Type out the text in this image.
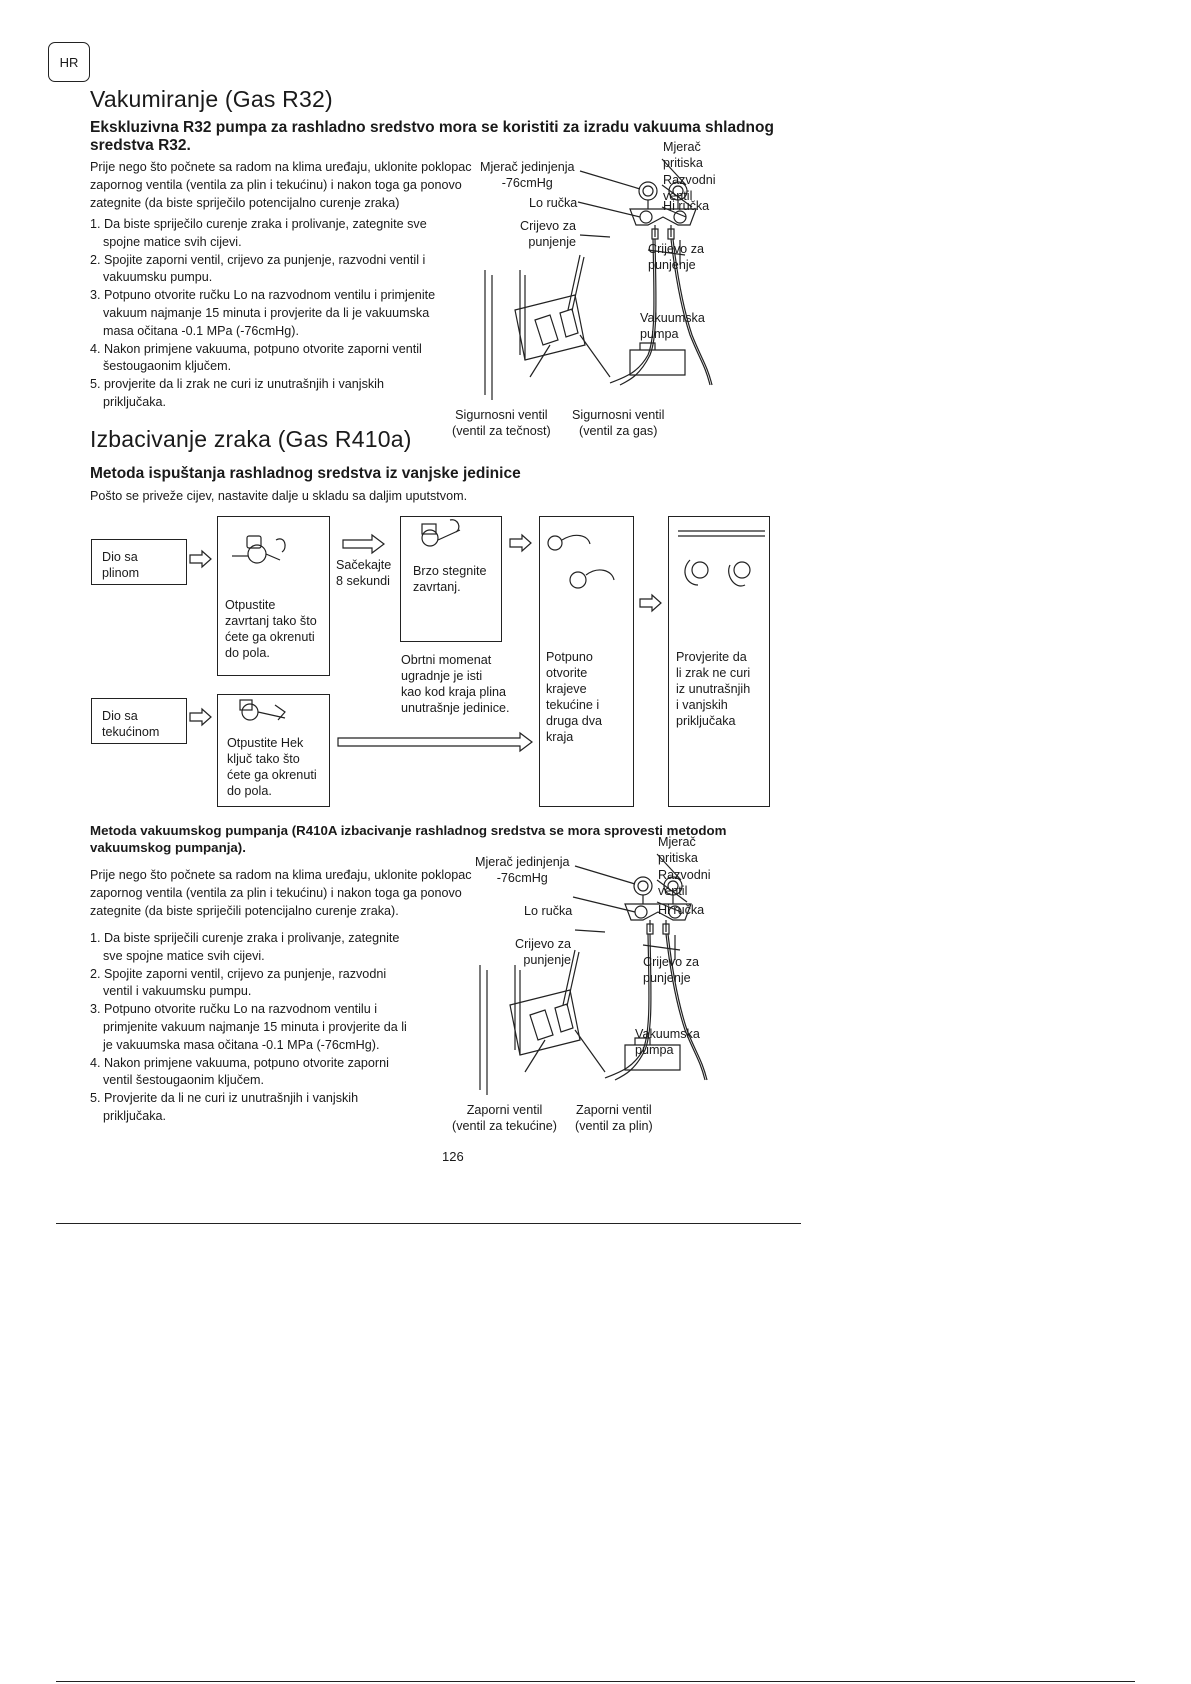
HR
Vakumiranje (Gas R32)
Ekskluzivna R32 pumpa za rashladno sredstvo mora se koristiti za izradu vakuuma shladnog sredstva R32.
Prije nego što počnete sa radom na klima uređaju, uklonite poklopac
zapornog ventila (ventila za plin i tekućinu) i nakon toga ga ponovo
zategnite (da biste spriječilo potencijalno curenje zraka)
1. Da biste spriječilo curenje zraka i prolivanje, zategnite sve
spojne matice svih cijevi.
2. Spojite zaporni ventil, crijevo za punjenje, razvodni ventil i
vakuumsku pumpu.
3. Potpuno otvorite ručku Lo na razvodnom ventilu i primjenite
vakuum najmanje 15 minuta i provjerite da li je vakuumska
masa očitana -0.1 MPa (-76cmHg).
4. Nakon primjene vakuuma, potpuno otvorite zaporni ventil
šestougaonim ključem.
5. provjerite da li zrak ne curi iz unutrašnjih i vanjskih
priključaka.
Mjerač
pritiska
Mjerač jedinjenja
-76cmHg	Razvodni
ventil
Lo ručka	Hi ručka
Crijevo za
punjenje	Crijevo za
punjenje
Vakuumska
pumpa
Sigurnosni ventil
(ventil za tečnost)
Sigurnosni ventil
(ventil za gas)
Izbacivanje zraka (Gas R410a)
Metoda ispuštanja rashladnog sredstva iz vanjske jedinice
Pošto se priveže cijev, nastavite dalje u skladu sa daljim uputstvom.
Dio sa
plinom
Dio sa
tekućinom
Otpustite
zavrtanj tako što
ćete ga okrenuti
do pola.
Otpustite Hek
ključ tako što
ćete ga okrenuti
do pola.
Sačekajte
8 sekundi
Brzo stegnite
zavrtanj.
Obrtni momenat
ugradnje je isti
kao kod kraja plina
unutrašnje jedinice.
Potpuno
otvorite
krajeve
tekućine i
druga dva
kraja
Provjerite da
li zrak ne curi
iz unutrašnjih
i vanjskih
priključaka
Metoda vakuumskog pumpanja (R410A izbacivanje rashladnog sredstva se mora sprovesti metodom vakuumskog pumpanja).
Prije nego što počnete sa radom na klima uređaju, uklonite poklopac
zapornog ventila (ventila za plin i tekućinu) i nakon toga ga ponovo
zategnite (da biste spriječili potencijalno curenje zraka).
1. Da biste spriječili curenje zraka i prolivanje, zategnite
sve spojne matice svih cijevi.
2. Spojite zaporni ventil, crijevo za punjenje, razvodni
ventil i vakuumsku pumpu.
3. Potpuno otvorite ručku Lo na razvodnom ventilu i
primjenite vakuum najmanje 15 minuta i provjerite da li
je vakuumska masa očitana -0.1 MPa (-76cmHg).
4. Nakon primjene vakuuma, potpuno otvorite zaporni
ventil šestougaonim ključem.
5. Provjerite da li ne curi iz unutrašnjih i vanjskih
priključaka.
Mjerač
pritiska
Mjerač jedinjenja
-76cmHg	Razvodni
ventil
Lo ručka	Hi ručka
Crijevo za
punjenje	Crijevo za
punjenje
Vakuumska
pumpa
Zaporni ventil
(ventil za tekućine)
Zaporni ventil
(ventil za plin)
126
